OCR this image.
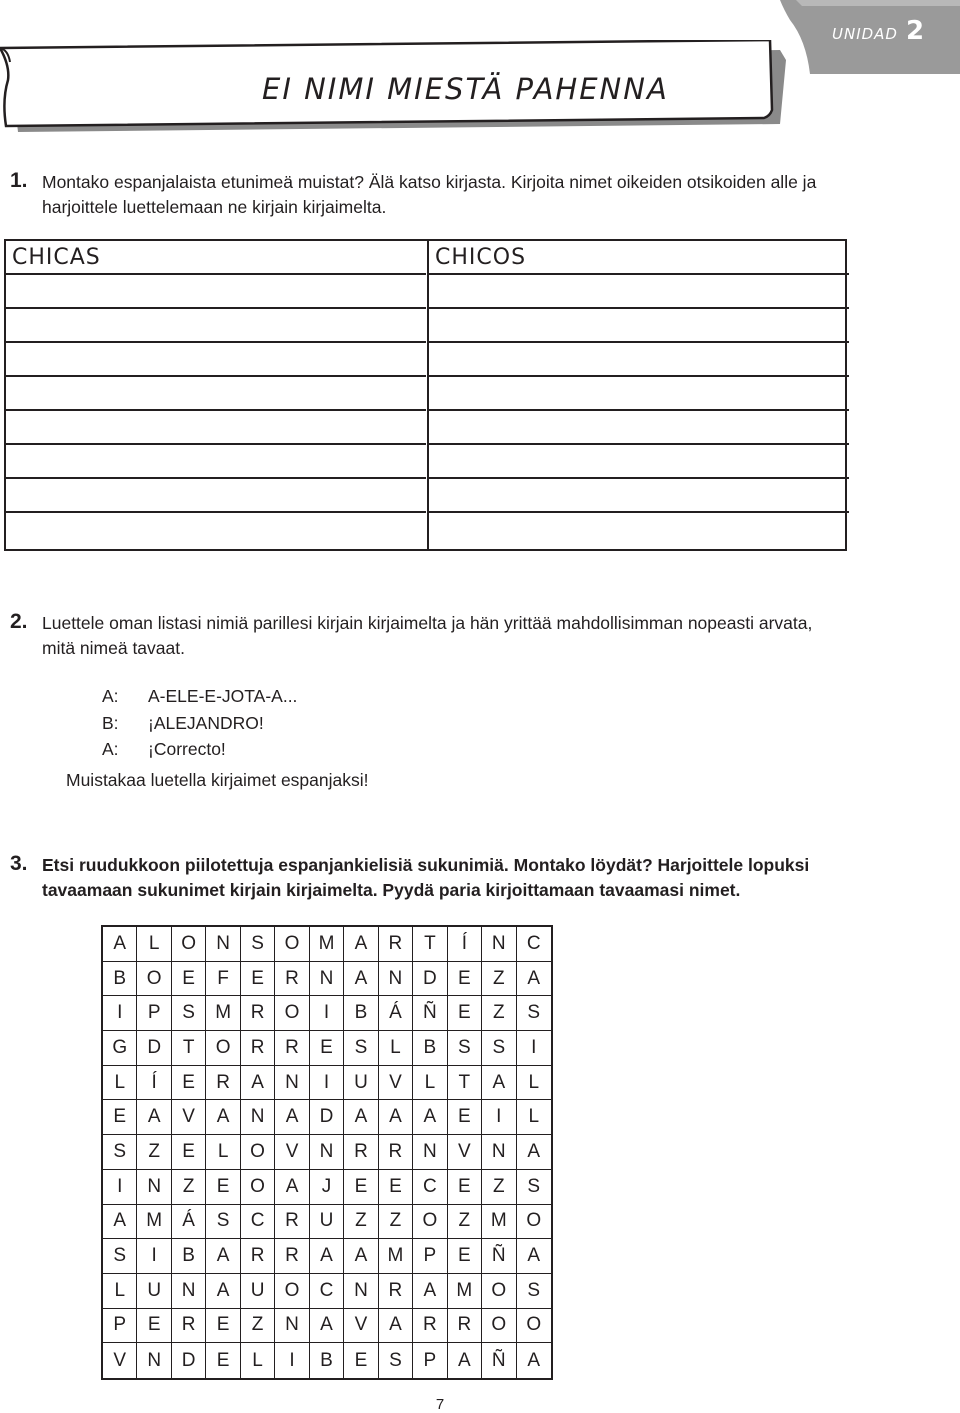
UNIDAD 2
EI NIMI MIESTÄ PAHENNA
1. Montako espanjalaista etunimeä muistat? Älä katso kirjasta. Kirjoita nimet oikeiden otsikoiden alle ja harjoittele luettelemaan ne kirjain kirjaimelta.
CHICAS	CHICOS
2. Luettele oman listasi nimiä parillesi kirjain kirjaimelta ja hän yrittää mahdollisimman nopeasti arvata, mitä nimeä tavaat.
A:	A-ELE-E-JOTA-A...
B:	¡ALEJANDRO!
A:	¡Correcto!
Muistakaa luetella kirjaimet espanjaksi!
3. Etsi ruudukkoon piilotettuja espanjankielisiä sukunimiä. Montako löydät? Harjoittele lopuksi tavaamaan sukunimet kirjain kirjaimelta. Pyydä paria kirjoittamaan tavaamasi nimet.
A	L	O	N	S	O	M	A	R	T	Í	N	C
B	O	E	F	E	R	N	A	N	D	E	Z	A
I	P	S	M	R	O	I	B	Á	Ñ	E	Z	S
G	D	T	O	R	R	E	S	L	B	S	S	I
L	Í	E	R	A	N	I	U	V	L	T	A	L
E	A	V	A	N	A	D	A	A	A	E	I	L
S	Z	E	L	O	V	N	R	R	N	V	N	A
I	N	Z	E	O	A	J	E	E	C	E	Z	S
A	M	Á	S	C	R	U	Z	Z	O	Z	M	O
S	I	B	A	R	R	A	A	M	P	E	Ñ	A
L	U	N	A	U	O	C	N	R	A	M	O	S
P	E	R	E	Z	N	A	V	A	R	R	O	O
V	N	D	E	L	I	B	E	S	P	A	Ñ	A
7
